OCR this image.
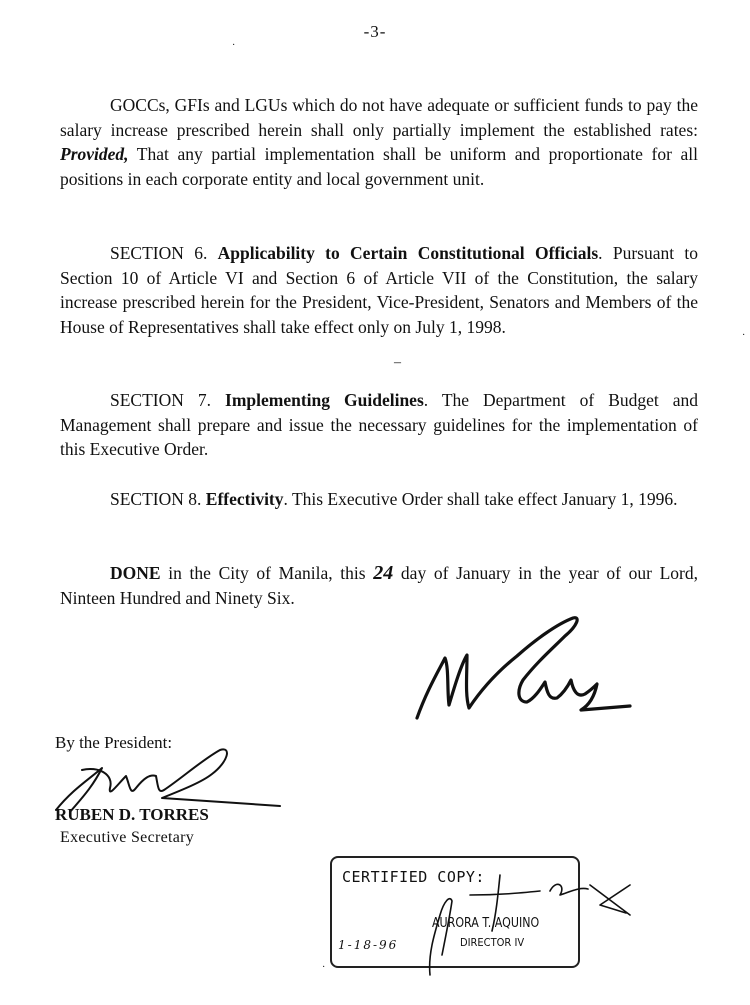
-3-

GOCCs, GFIs and LGUs which do not have adequate or sufficient funds to pay the salary increase prescribed herein shall only partially implement the established rates: Provided, That any partial implementation shall be uniform and proportionate for all positions in each corporate entity and local government unit.

SECTION 6. Applicability to Certain Constitutional Officials. Pursuant to Section 10 of Article VI and Section 6 of Article VII of the Constitution, the salary increase prescribed herein for the President, Vice-President, Senators and Members of the House of Representatives shall take effect only on July 1, 1998.

–

SECTION 7. Implementing Guidelines. The Department of Budget and Management shall prepare and issue the necessary guidelines for the implementation of this Executive Order.

SECTION 8. Effectivity. This Executive Order shall take effect January 1, 1996.

DONE in the City of Manila, this 24 day of January in the year of our Lord, Ninteen Hundred and Ninety Six.

By the President:
RUBEN D. TORRES
Executive Secretary
CERTIFIED COPY:
AURORA T. AQUINO
DIRECTOR IV
1-18-96
·
·
·
